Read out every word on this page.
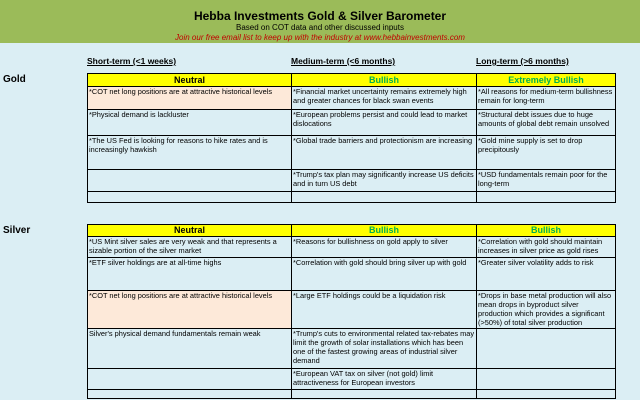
Hebba Investments Gold & Silver Barometer
Based on COT data and other discussed inputs
Join our free email list to keep up with the industry at www.hebbainvestments.com
Short-term (<1 weeks)	Medium-term (<6 months)	Long-term (>6 months)
Gold	Neutral	Bullish	Extremely Bullish
*COT net long positions are at attractive historical levels	*Financial market uncertainty remains extremely high and greater chances for black swan events	*All reasons for medium-term bullishness remain for long-term
*Physical demand is lackluster	*European problems persist and could lead to market dislocations	*Structural debt issues due to huge amounts of global debt remain unsolved
*The US Fed is looking for reasons to hike rates and is increasingly hawkish	*Global trade barriers and protectionism are increasing	*Gold mine supply is set to drop precipitously
	*Trump's tax plan may significantly increase US deficits and in turn US debt	*USD fundamentals remain poor for the long-term

Silver	Neutral	Bullish	Bullish
*US Mint silver sales are very weak and that represents a sizable portion of the silver market	*Reasons for bullishness on gold apply to silver	*Correlation with gold should maintain increases in silver price as gold rises
*ETF silver holdings are at all-time highs	*Correlation with gold should bring silver up with gold	*Greater silver volatility adds to risk
*COT net long positions are at attractive historical levels	*Large ETF holdings could be a liquidation risk	*Drops in base metal production will also mean drops in byproduct silver production which provides a significant (>50%) of total silver production
Silver's physical demand fundamentals remain weak	*Trump's cuts to environmental related tax-rebates may limit the growth of solar installations which has been one of the fastest growing areas of industrial silver demand	
	*European VAT tax on silver (not gold) limit attractiveness for European investors	
